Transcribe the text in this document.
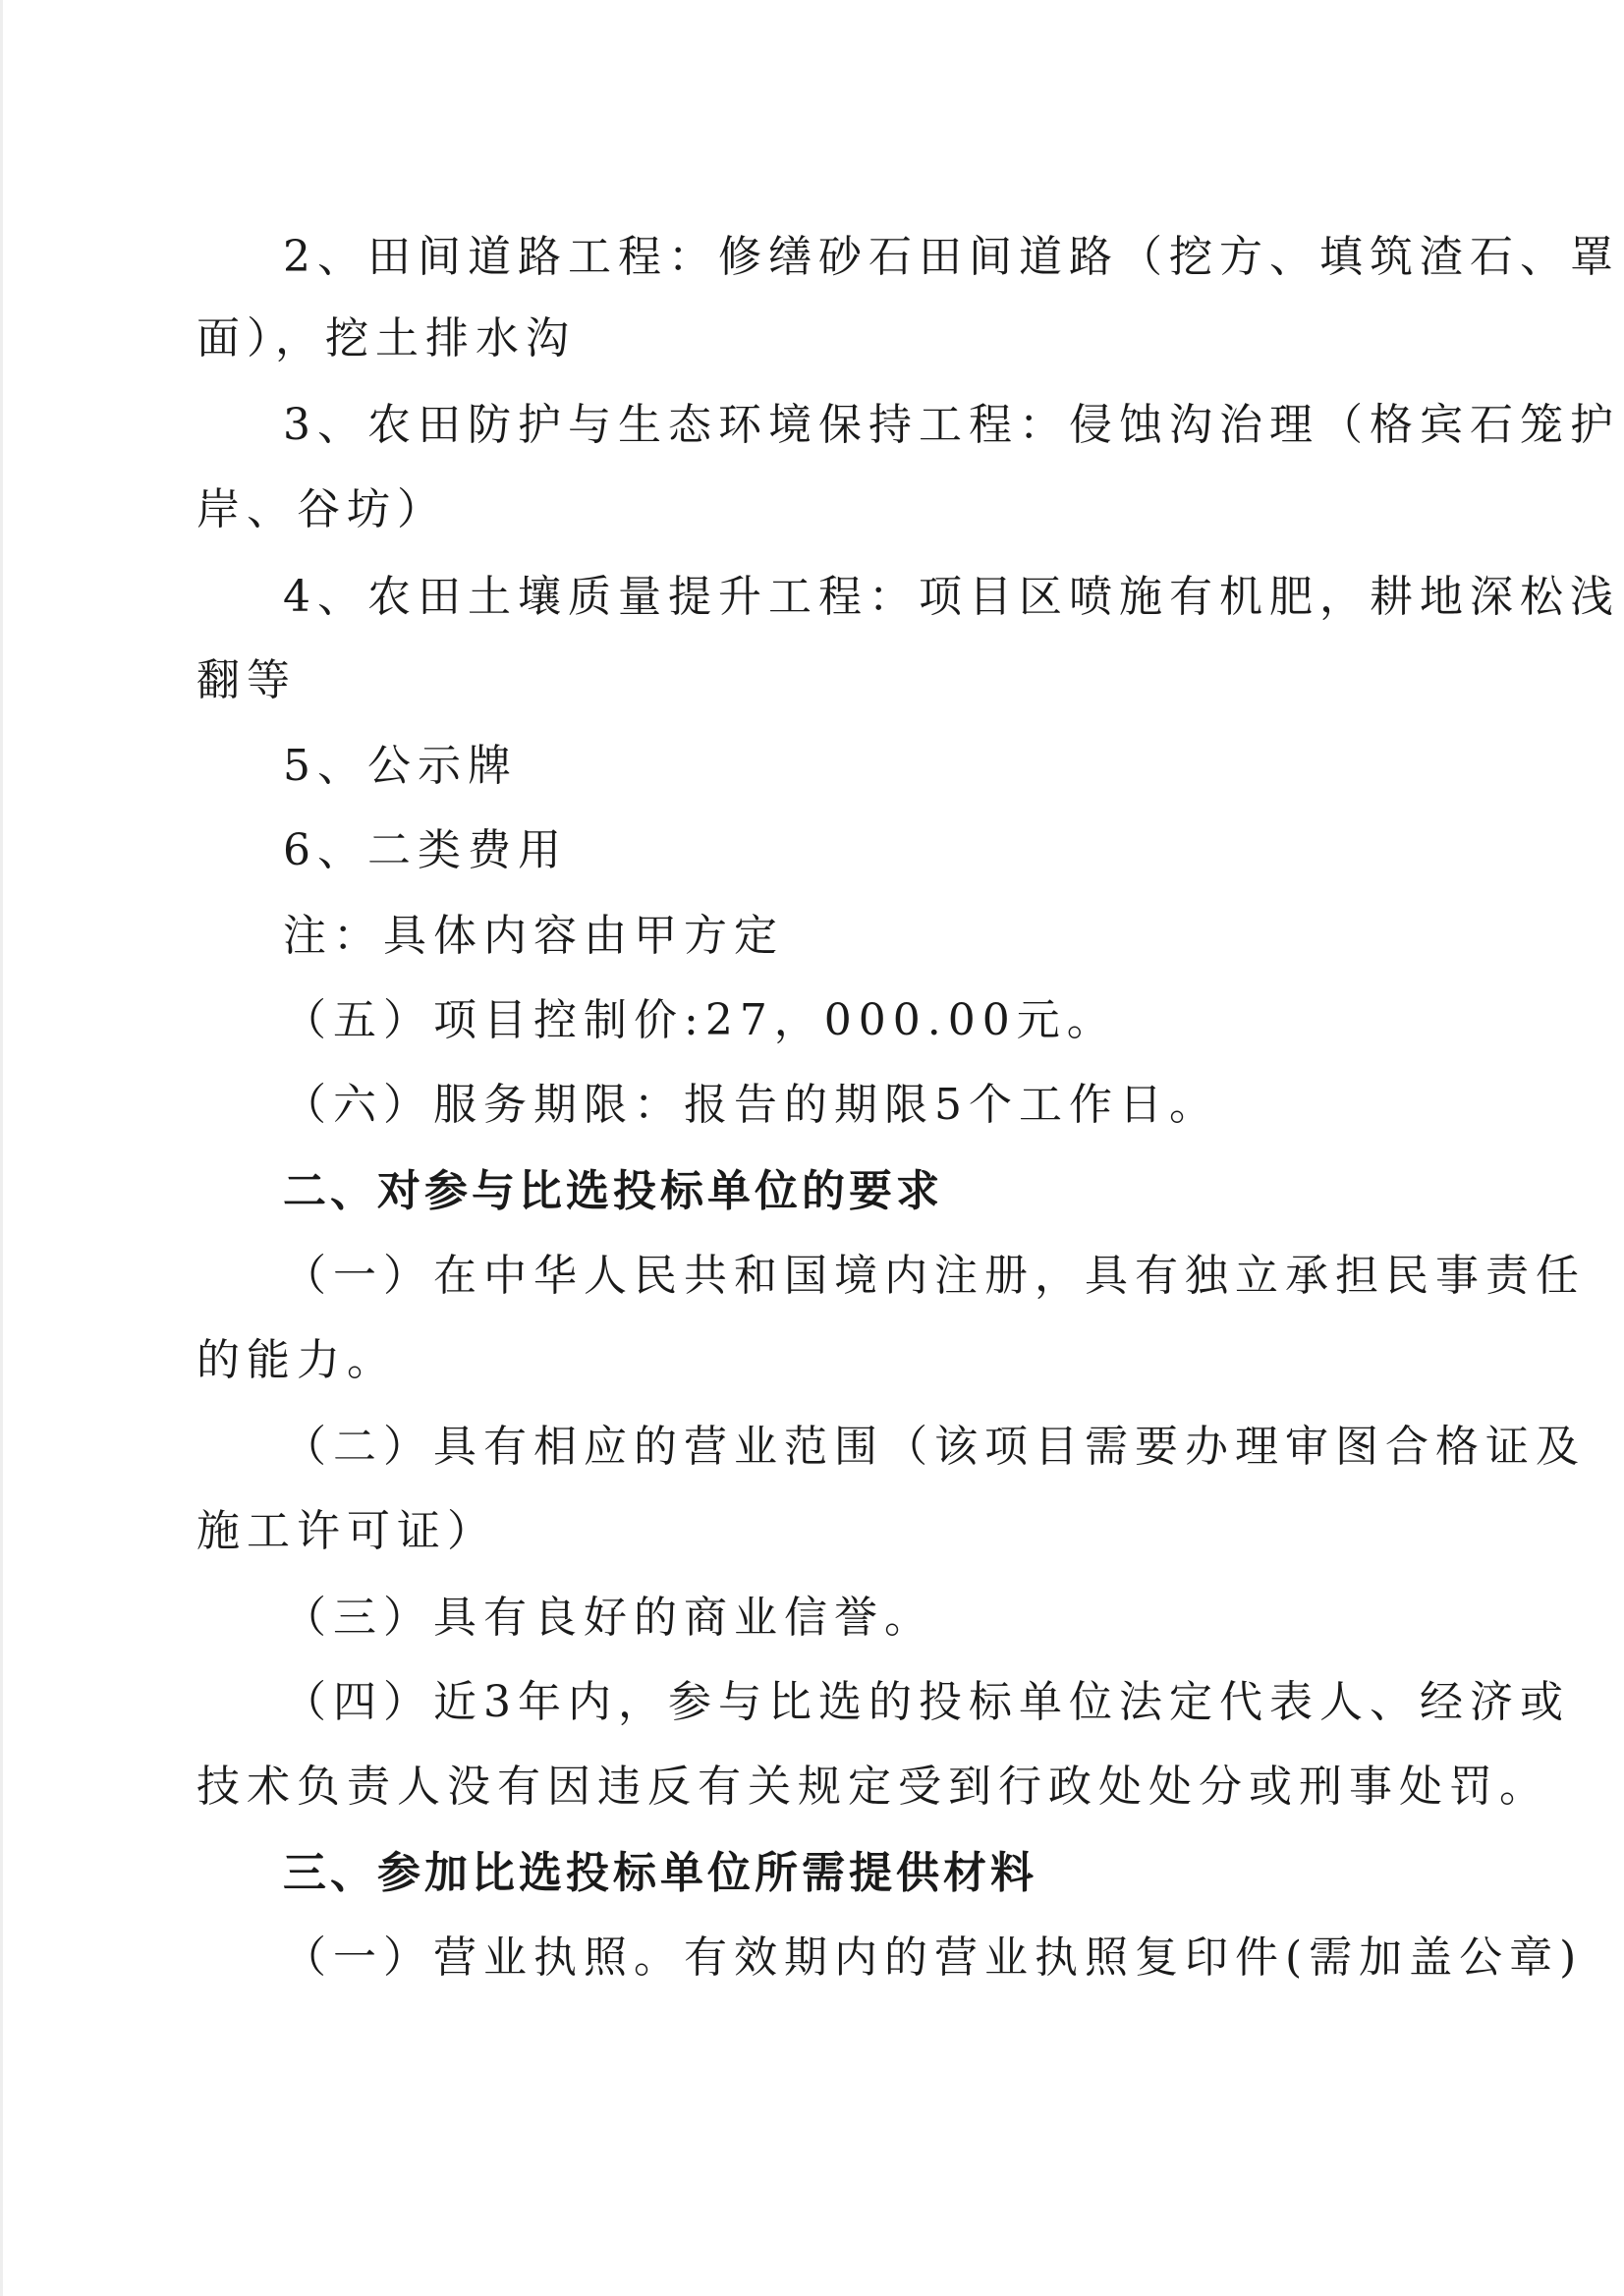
2、田间道路工程：修缮砂石田间道路（挖方、填筑渣石、罩
面），挖土排水沟
3、农田防护与生态环境保持工程：侵蚀沟治理（格宾石笼护
岸、谷坊）
4、农田土壤质量提升工程：项目区喷施有机肥，耕地深松浅
翻等
5、公示牌
6、二类费用
注：具体内容由甲方定
（五）项目控制价:27，000.00元。
（六）服务期限：报告的期限5个工作日。
二、对参与比选投标单位的要求
（一）在中华人民共和国境内注册，具有独立承担民事责任
的能力。
（二）具有相应的营业范围（该项目需要办理审图合格证及
施工许可证）
（三）具有良好的商业信誉。
（四）近3年内，参与比选的投标单位法定代表人、经济或
技术负责人没有因违反有关规定受到行政处处分或刑事处罚。
三、参加比选投标单位所需提供材料
（一）营业执照。有效期内的营业执照复印件(需加盖公章)
